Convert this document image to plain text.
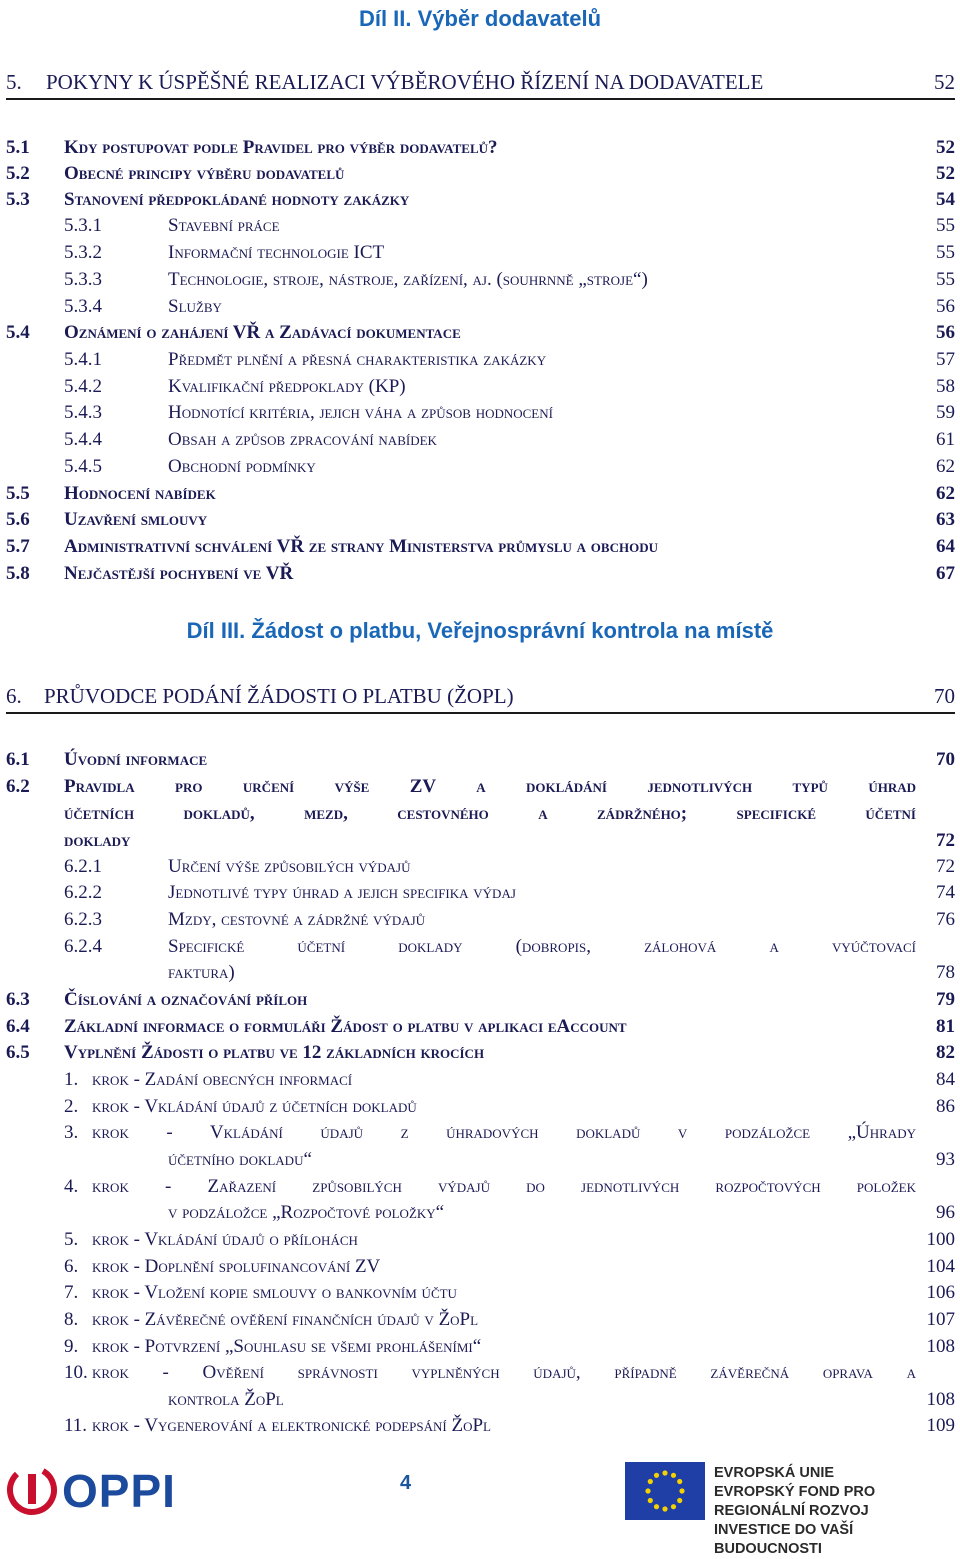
Díl II. Výběr dodavatelů
5. POKYNY K ÚSPĚŠNÉ REALIZACI VÝBĚROVÉHO ŘÍZENÍ NA DODAVATELE	52
5.1 Kdy postupovat podle Pravidel pro výběr dodavatelů?	52
5.2 Obecné principy výběru dodavatelů	52
5.3 Stanovení předpokládané hodnoty zakázky	54
5.3.1	Stavební práce	55
5.3.2	Informační technologie ICT	55
5.3.3	Technologie, stroje, nástroje, zařízení, aj. (souhrnně „stroje“)	55
5.3.4	Služby	56
5.4 Oznámení o zahájení VŘ a Zadávací dokumentace	56
5.4.1	Předmět plnění a přesná charakteristika zakázky	57
5.4.2	Kvalifikační předpoklady (KP)	58
5.4.3	Hodnotící kritéria, jejich váha a způsob hodnocení	59
5.4.4	Obsah a způsob zpracování nabídek	61
5.4.5	Obchodní podmínky	62
5.5 Hodnocení nabídek	62
5.6 Uzavření smlouvy	63
5.7 Administrativní schválení VŘ ze strany Ministerstva průmyslu a obchodu	64
5.8 Nejčastější pochybení ve VŘ	67
Díl III. Žádost o platbu, Veřejnosprávní kontrola na místě
6. PRŮVODCE PODÁNÍ ŽÁDOSTI O PLATBU (ŽOPL)	70
6.1 Úvodní informace	70
6.2 Pravidla pro určení výše ZV a dokládání jednotlivých typů úhrad
účetních dokladů, mezd, cestovného a zádržného; specifické účetní
doklady	72
6.2.1	Určení výše způsobilých výdajů	72
6.2.2	Jednotlivé typy úhrad a jejich specifika výdaj	74
6.2.3	Mzdy, cestovné a zádržné výdajů	76
6.2.4	Specifické účetní doklady (dobropis, zálohová a vyúčtovací
faktura)	78
6.3 Číslování a označování příloh	79
6.4 Základní informace o formuláři Žádost o platbu v aplikaci eAccount	81
6.5 Vyplnění Žádosti o platbu ve 12 základních krocích	82
1. krok - Zadání obecných informací	84
2. krok - Vkládání údajů z účetních dokladů	86
3. krok - Vkládání údajů z úhradových dokladů v podzáložce „Úhrady
účetního dokladu“	93
4. krok - Zařazení způsobilých výdajů do jednotlivých rozpočtových položek
v podzáložce „Rozpočtové položky“	96
5. krok - Vkládání údajů o přílohách	100
6. krok - Doplnění spolufinancování ZV	104
7. krok - Vložení kopie smlouvy o bankovním účtu	106
8. krok - Závěrečné ověření finančních údajů v ŽoPl	107
9. krok - Potvrzení „Souhlasu se všemi prohlášeními“	108
10. krok - Ověření správnosti vyplněných údajů, případně závěrečná oprava a
kontrola ŽoPl	108
11. krok - Vygenerování a elektronické podepsání ŽoPl	109
OPPI	4	EVROPSKÁ UNIE
EVROPSKÝ FOND PRO REGIONÁLNÍ ROZVOJ
INVESTICE DO VAŠÍ BUDOUCNOSTI
